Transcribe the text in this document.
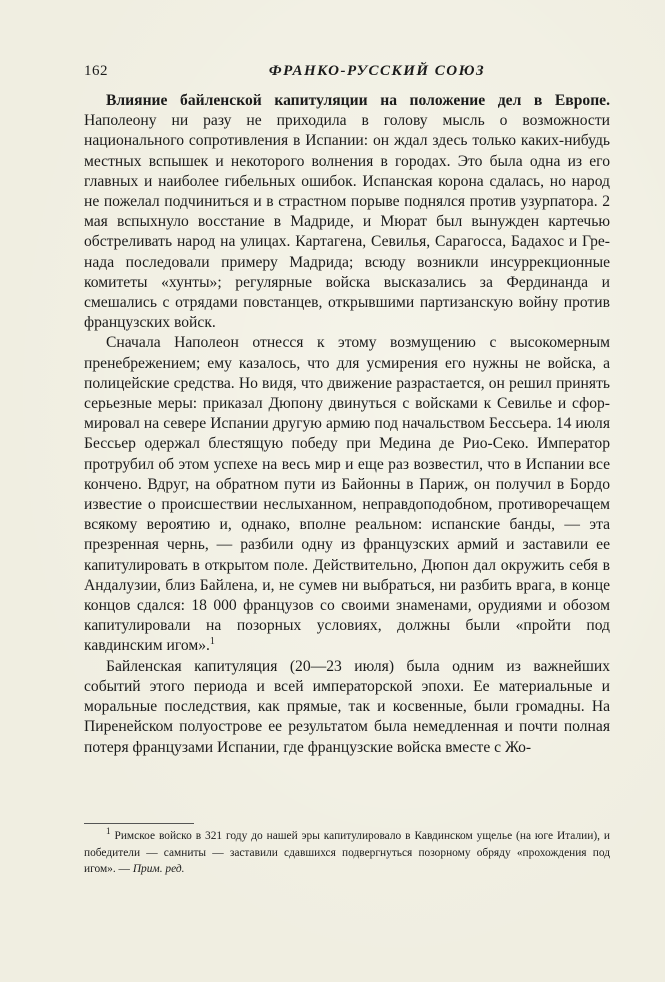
162	ФРАНКО-РУССКИЙ СОЮЗ

Влияние байленской капитуляции на положение дел в Европе. Наполеону ни разу не приходила в голову мысль о возможности национального сопротивления в Испании: он ждал здесь только каких-нибудь местных вспышек и некоторого волнения в городах. Это была одна из его главных и наиболее гибельных ошибок. Испанская корона сдалась, но народ не пожелал подчиниться и в страстном порыве поднялся против узурпатора. 2 мая вспыхнуло восстание в Мадриде, и Мюрат был вынужден картечью обстреливать народ на улицах. Картагена, Севилья, Сарагосса, Бадахос и Гренада последовали примеру Мадрида; всюду возникли инсуррекционные комитеты «хунты»; регулярные войска высказались за Фердинанда и смешались с отрядами повстанцев, открывшими партизанскую войну против французских войск.

Сначала Наполеон отнесся к этому возмущению с высокомерным пренебрежением; ему казалось, что для усмирения его нужны не войска, а полицейские средства. Но видя, что движение разрастается, он решил принять серьезные меры: приказал Дюпону двинуться с войсками к Севилье и сформировал на севере Испании другую армию под начальством Бессьера. 14 июля Бессьер одержал блестящую победу при Медина де Рио-Секо. Император протрубил об этом успехе на весь мир и еще раз возвестил, что в Испании все кончено. Вдруг, на обратном пути из Байонны в Париж, он получил в Бордо известие о происшествии неслыханном, неправдоподобном, противоречащем всякому вероятию и, однако, вполне реальном: испанские банды, — эта презренная чернь, — разбили одну из французских армий и заставили ее капитулировать в открытом поле. Действительно, Дюпон дал окружить себя в Андалузии, близ Байлена, и, не сумев ни выбраться, ни разбить врага, в конце концов сдался: 18 000 французов со своими знаменами, орудиями и обозом капитулировали на позорных условиях, должны были «пройти под кавдинским игом».$^1$

Байленская капитуляция (20—23 июля) была одним из важнейших событий этого периода и всей императорской эпохи. Ее материальные и моральные последствия, как прямые, так и косвенные, были громадны. На Пиренейском полуострове ее результатом была немедленная и почти полная потеря французами Испании, где французские войска вместе с Жо-

$^1$ Римское войско в 321 году до нашей эры капитулировало в Кавдинском ущелье (на юге Италии), и победители — самниты — заставили сдавшихся подвергнуться позорному обряду «прохождения под игом». — Прим. ред.
